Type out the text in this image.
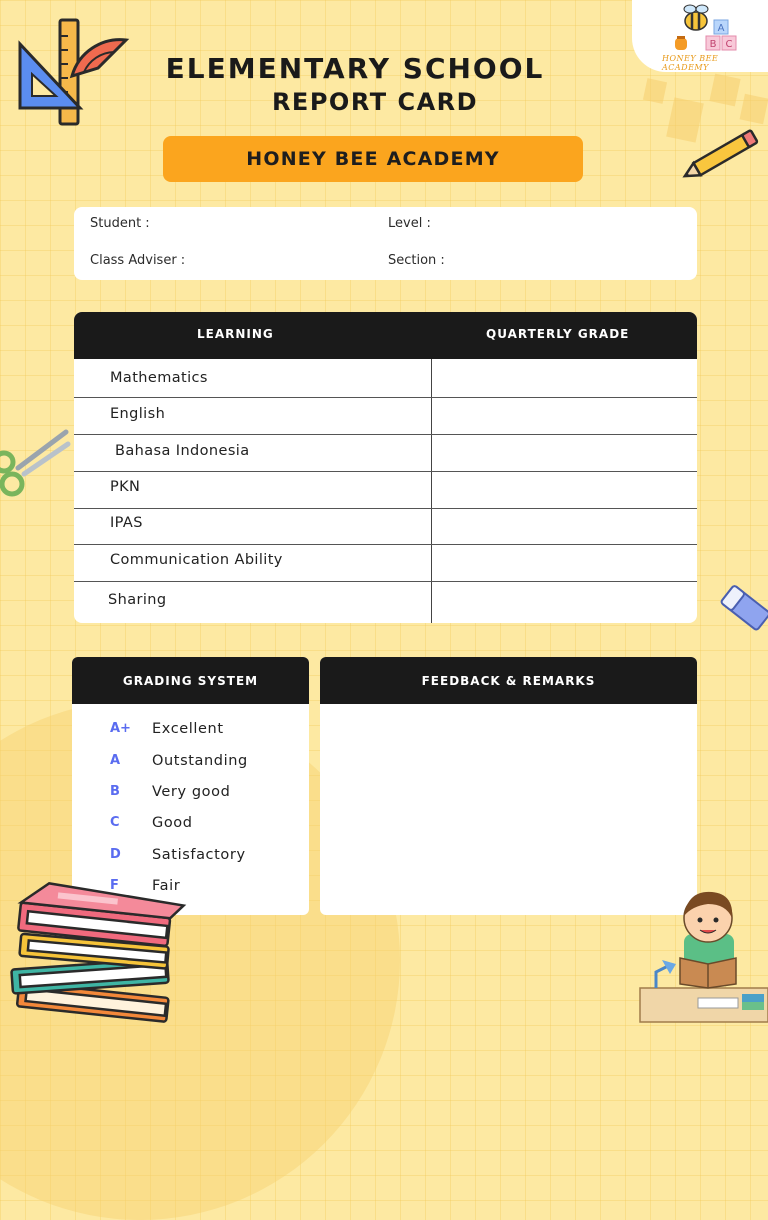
A
B C
HONEY BEE ACADEMY
ELEMENTARY SCHOOL
REPORT CARD
HONEY BEE ACADEMY
Student :	Level :
Class Adviser :	Section :
LEARNING	QUARTERLY GRADE
Mathematics
English
Bahasa Indonesia
PKN
IPAS
Communication Ability
Sharing
GRADING SYSTEM
A+ Excellent
A Outstanding
B Very good
C Good
D Satisfactory
F Fair
FEEDBACK & REMARKS
